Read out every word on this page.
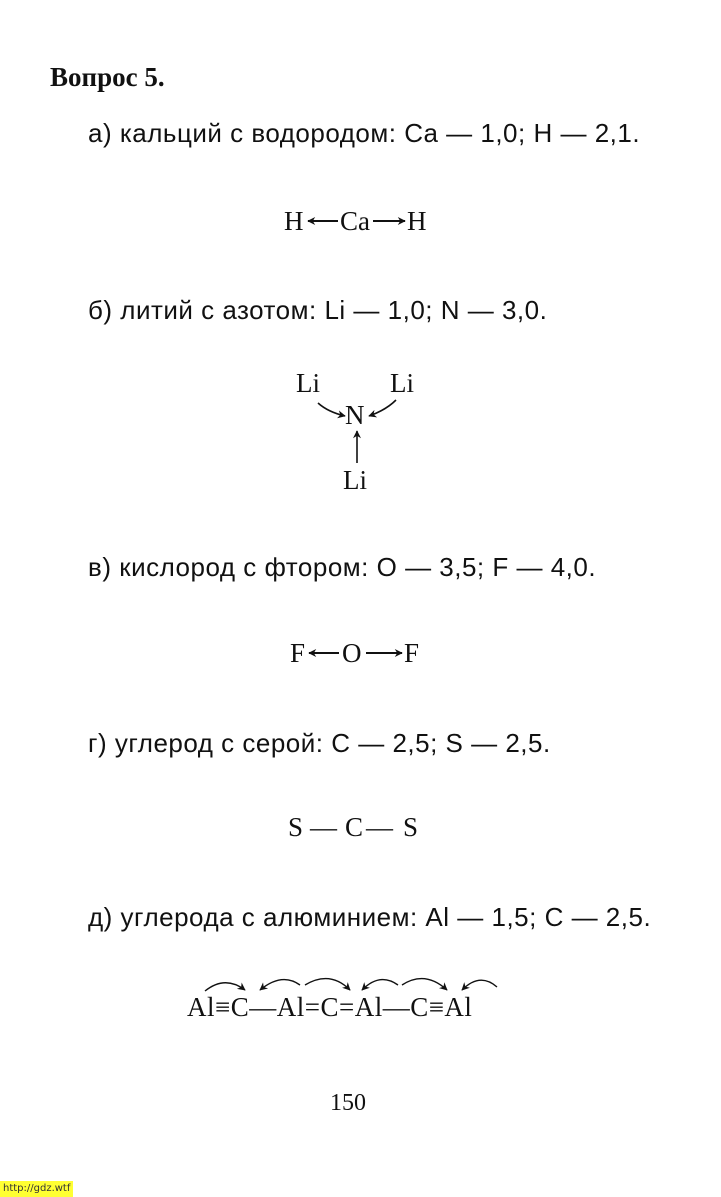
Вопрос 5.
а) кальций с водородом: Ca — 1,0; H — 2,1.
H Ca H
б) литий с азотом: Li — 1,0; N — 3,0.
Li	Li
N
Li
в) кислород с фтором: O — 3,5; F — 4,0.
F O F
г) углерод с серой: C — 2,5; S — 2,5.
S — C — S
д) углерода с алюминием: Al — 1,5; C — 2,5.
Al≡C—Al=C=Al—C≡Al
150
http://gdz.wtf
